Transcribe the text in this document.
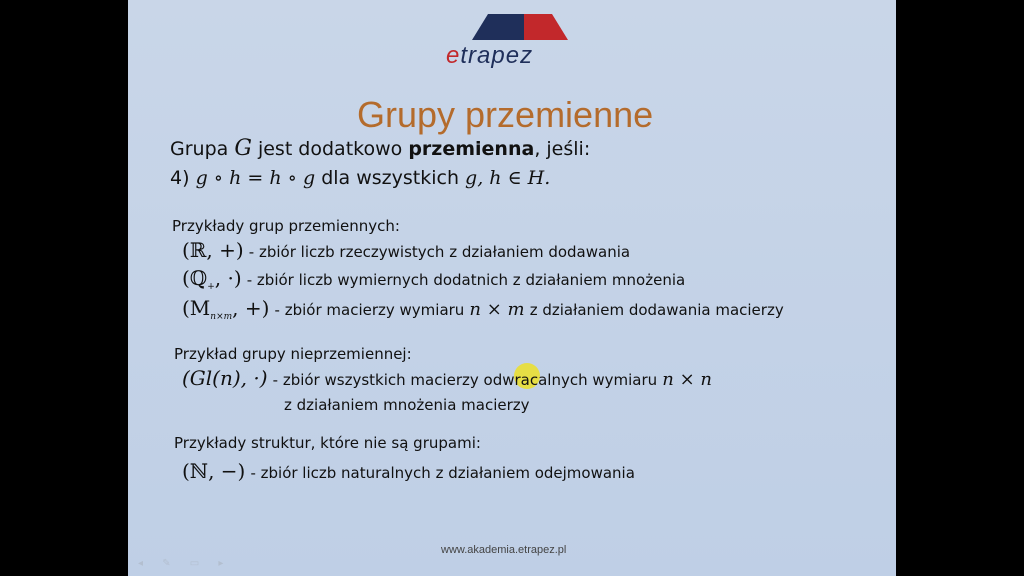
etrapez
Grupy przemienne
Grupa G jest dodatkowo przemienna, jeśli:
4) g ∘ h = h ∘ g dla wszystkich g, h ∈ H.
Przykłady grup przemiennych:
(ℝ, +) - zbiór liczb rzeczywistych z działaniem dodawania
(ℚ$_+$, ·) - zbiór liczb wymiernych dodatnich z działaniem mnożenia
($M_{n\times m}$, +) - zbiór macierzy wymiaru n × m z działaniem dodawania macierzy
Przykład grupy nieprzemiennej:
(Gl(n), ·) - zbiór wszystkich macierzy odwracalnych wymiaru n × n
z działaniem mnożenia macierzy
Przykłady struktur, które nie są grupami:
(ℕ, −) - zbiór liczb naturalnych z działaniem odejmowania
www.akademia.etrapez.pl
◂ ✎ ▭ ▸
